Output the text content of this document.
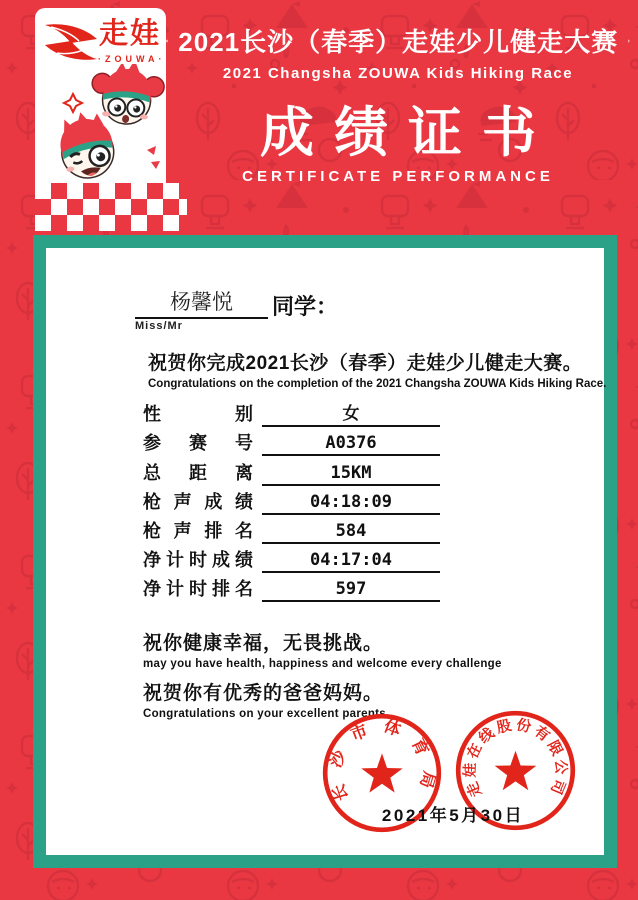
走娃
·ZOUWA·
2021长沙（春季）走娃少儿健走大赛
2021 Changsha ZOUWA Kids Hiking Race
成绩证书
CERTIFICATE PERFORMANCE
杨馨悦	同学：
Miss/Mr
祝贺你完成2021长沙（春季）走娃少儿健走大赛。
Congratulations on the completion of the 2021 Changsha ZOUWA Kids Hiking Race.
性	别	女
参 赛 号	A0376
总 距 离	15KM
枪 声 成 绩	04:18:09
枪 声 排 名	584
净 计 时 成 绩	04:17:04
净 计 时 排 名	597
祝你健康幸福，无畏挑战。
may you have health, happiness and welcome every challenge
祝贺你有优秀的爸爸妈妈。
Congratulations on your excellent parents
长沙市体育局 走娃在线股份有限公司
2021年5月30日
